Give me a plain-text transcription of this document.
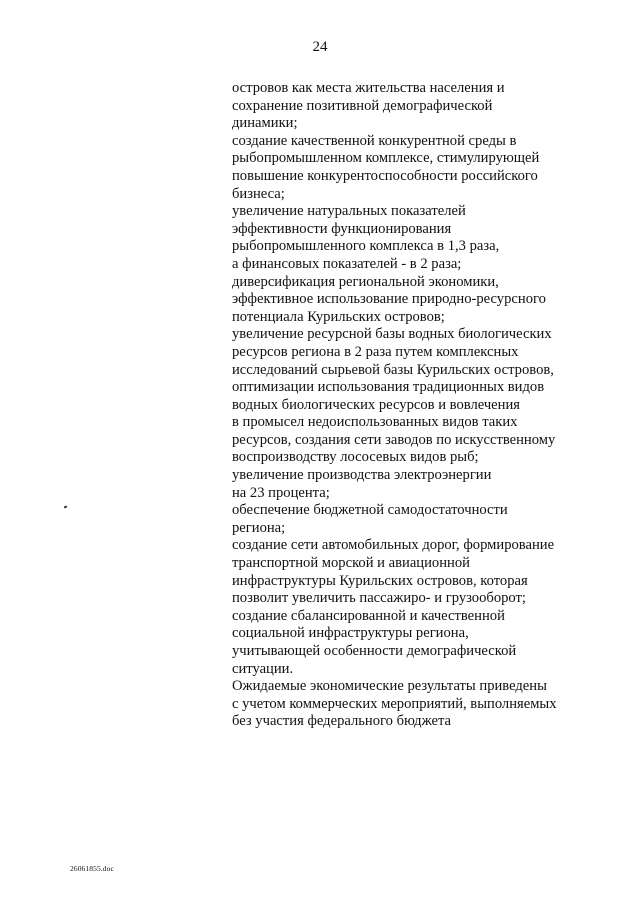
24
островов как места жительства населения и
сохранение позитивной демографической
динамики;
создание качественной конкурентной среды в
рыбопромышленном комплексе, стимулирующей
повышение конкурентоспособности российского
бизнеса;
увеличение натуральных показателей
эффективности функционирования
рыбопромышленного комплекса в 1,3 раза,
а финансовых показателей - в 2 раза;
диверсификация региональной экономики,
эффективное использование природно-ресурсного
потенциала Курильских островов;
увеличение ресурсной базы водных биологических
ресурсов региона в 2 раза путем комплексных
исследований сырьевой базы Курильских островов,
оптимизации использования традиционных видов
водных биологических ресурсов и вовлечения
в промысел недоиспользованных видов таких
ресурсов, создания сети заводов по искусственному
воспроизводству лососевых видов рыб;
увеличение производства электроэнергии
на 23 процента;
обеспечение бюджетной самодостаточности
региона;
создание сети автомобильных дорог, формирование
транспортной морской и авиационной
инфраструктуры Курильских островов, которая
позволит увеличить пассажиро- и грузооборот;
создание сбалансированной и качественной
социальной инфраструктуры региона,
учитывающей особенности демографической
ситуации.
Ожидаемые экономические результаты приведены
с учетом коммерческих мероприятий, выполняемых
без участия федерального бюджета
26061855.doc
